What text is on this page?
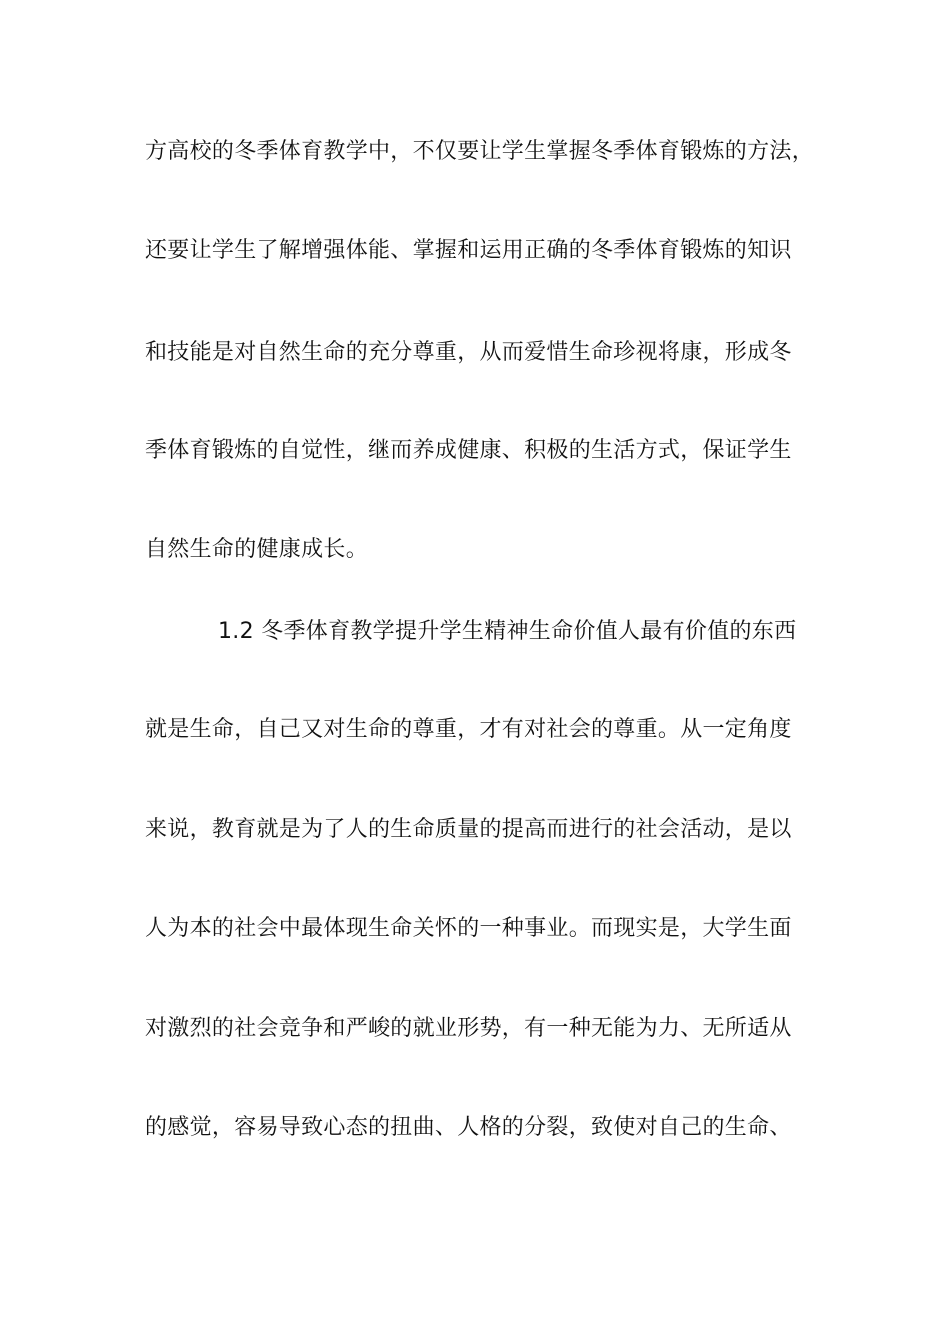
方高校的冬季体育教学中，不仅要让学生掌握冬季体育锻炼的方法，
还要让学生了解增强体能、掌握和运用正确的冬季体育锻炼的知识
和技能是对自然生命的充分尊重，从而爱惜生命珍视将康，形成冬
季体育锻炼的自觉性，继而养成健康、积极的生活方式，保证学生
自然生命的健康成长。
1.2 冬季体育教学提升学生精神生命价值人最有价值的东西
就是生命，自己又对生命的尊重，才有对社会的尊重。从一定角度
来说，教育就是为了人的生命质量的提高而进行的社会活动，是以
人为本的社会中最体现生命关怀的一种事业。而现实是，大学生面
对激烈的社会竞争和严峻的就业形势，有一种无能为力、无所适从
的感觉，容易导致心态的扭曲、人格的分裂，致使对自己的生命、
